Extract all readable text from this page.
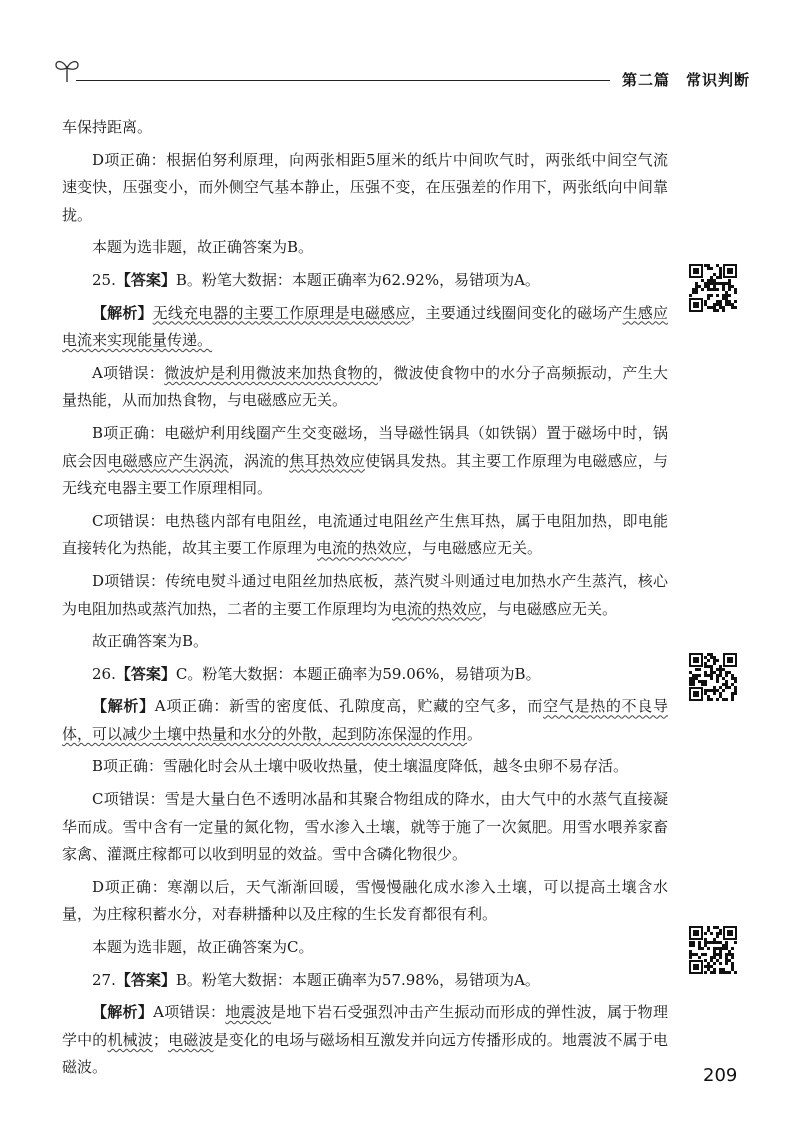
第二篇　常识判断

车保持距离。

D项正确：根据伯努利原理，向两张相距5厘米的纸片中间吹气时，两张纸中间空气流速变快，压强变小，而外侧空气基本静止，压强不变，在压强差的作用下，两张纸向中间靠拢。

本题为选非题，故正确答案为B。

25.【答案】B。粉笔大数据：本题正确率为62.92%，易错项为A。

【解析】无线充电器的主要工作原理是电磁感应，主要通过线圈间变化的磁场产生感应电流来实现能量传递。

A项错误：微波炉是利用微波来加热食物的，微波使食物中的水分子高频振动，产生大量热能，从而加热食物，与电磁感应无关。

B项正确：电磁炉利用线圈产生交变磁场，当导磁性锅具（如铁锅）置于磁场中时，锅底会因电磁感应产生涡流，涡流的焦耳热效应使锅具发热。其主要工作原理为电磁感应，与无线充电器主要工作原理相同。

C项错误：电热毯内部有电阻丝，电流通过电阻丝产生焦耳热，属于电阻加热，即电能直接转化为热能，故其主要工作原理为电流的热效应，与电磁感应无关。

D项错误：传统电熨斗通过电阻丝加热底板，蒸汽熨斗则通过电加热水产生蒸汽，核心为电阻加热或蒸汽加热，二者的主要工作原理均为电流的热效应，与电磁感应无关。

故正确答案为B。

26.【答案】C。粉笔大数据：本题正确率为59.06%，易错项为B。

【解析】A项正确：新雪的密度低、孔隙度高，贮藏的空气多，而空气是热的不良导体，可以减少土壤中热量和水分的外散，起到防冻保湿的作用。

B项正确：雪融化时会从土壤中吸收热量，使土壤温度降低，越冬虫卵不易存活。

C项错误：雪是大量白色不透明冰晶和其聚合物组成的降水，由大气中的水蒸气直接凝华而成。雪中含有一定量的氮化物，雪水渗入土壤，就等于施了一次氮肥。用雪水喂养家畜家禽、灌溉庄稼都可以收到明显的效益。雪中含磷化物很少。

D项正确：寒潮以后，天气渐渐回暖，雪慢慢融化成水渗入土壤，可以提高土壤含水量，为庄稼积蓄水分，对春耕播种以及庄稼的生长发育都很有利。

本题为选非题，故正确答案为C。

27.【答案】B。粉笔大数据：本题正确率为57.98%，易错项为A。

【解析】A项错误：地震波是地下岩石受强烈冲击产生振动而形成的弹性波，属于物理学中的机械波；电磁波是变化的电场与磁场相互激发并向远方传播形成的。地震波不属于电磁波。	209
